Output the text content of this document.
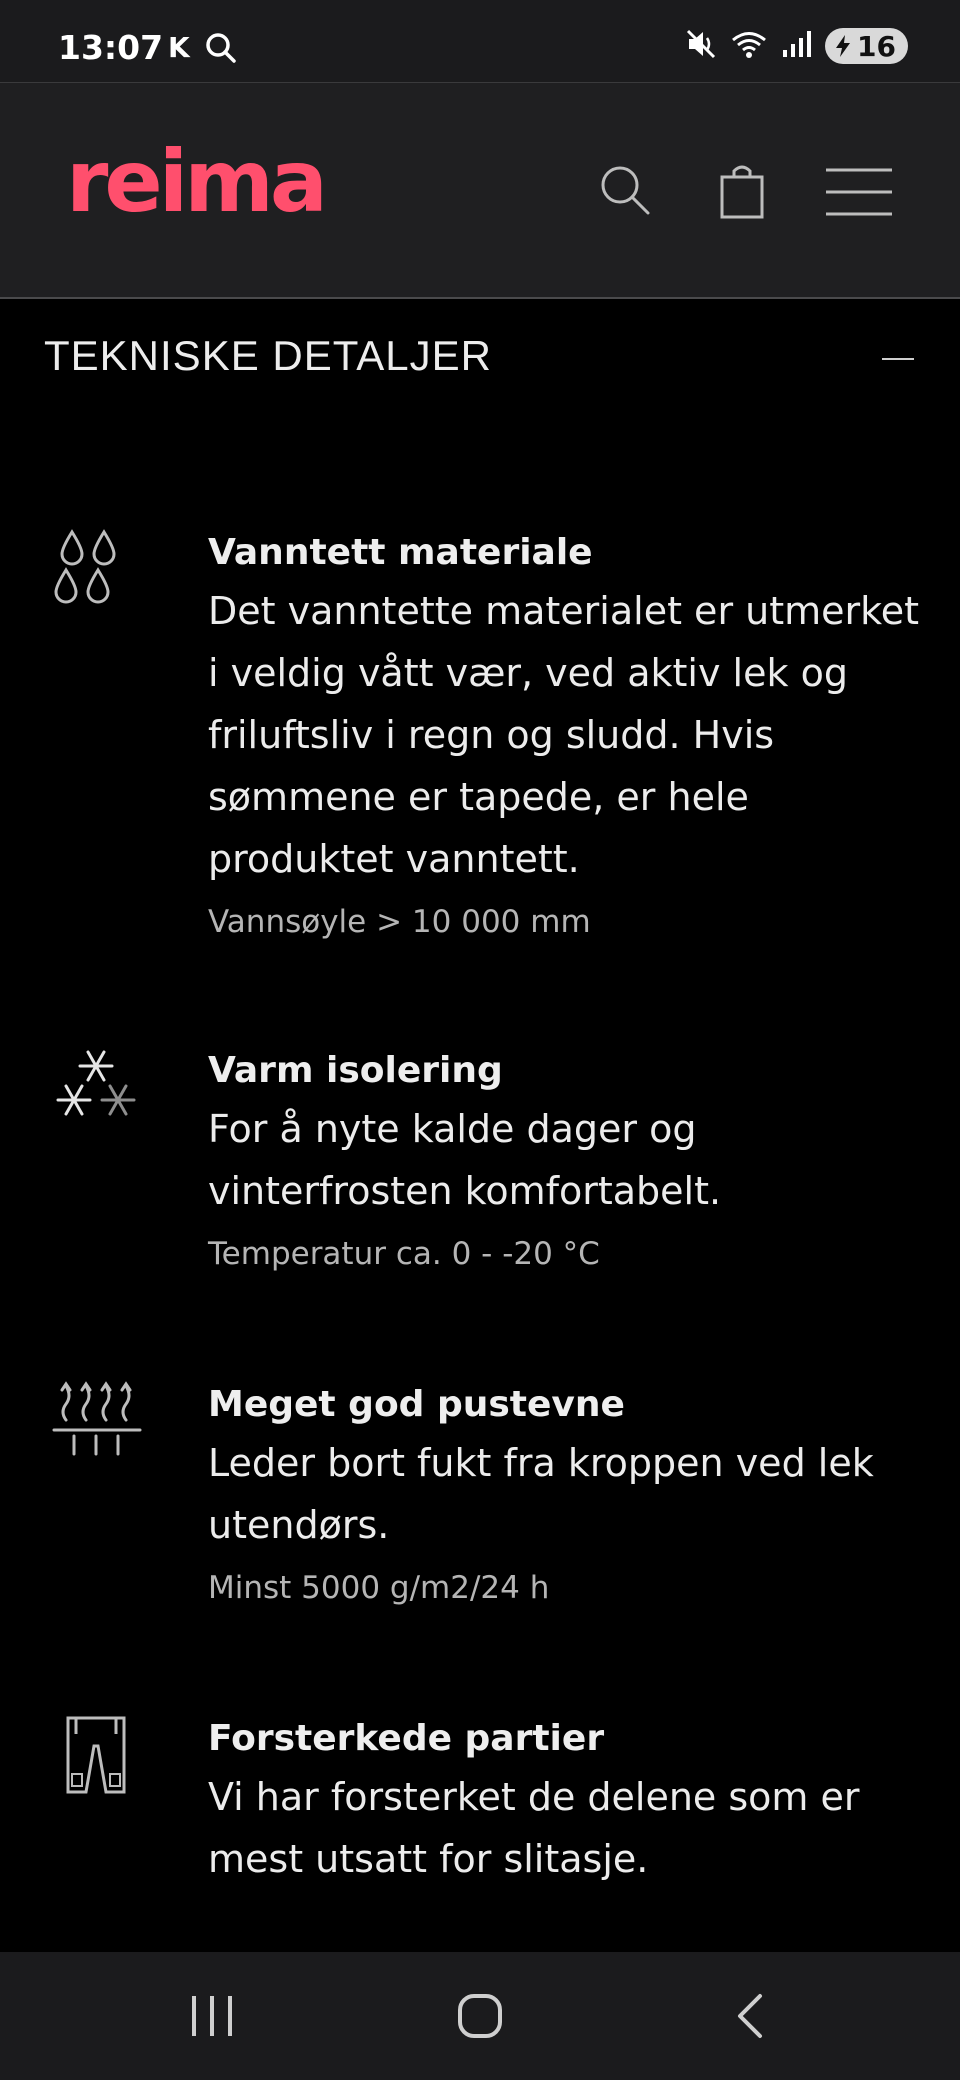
13:07 K	16
reima
TEKNISKE DETALJER
Vanntett materiale
Det vanntette materialet er utmerket i veldig vått vær, ved aktiv lek og friluftsliv i regn og sludd. Hvis sømmene er tapede, er hele produktet vanntett.
Vannsøyle > 10 000 mm
Varm isolering
For å nyte kalde dager og vinterfrosten komfortabelt.
Temperatur ca. 0 - -20 °C
Meget god pustevne
Leder bort fukt fra kroppen ved lek utendørs.
Minst 5000 g/m2/24 h
Forsterkede partier
Vi har forsterket de delene som er mest utsatt for slitasje.
